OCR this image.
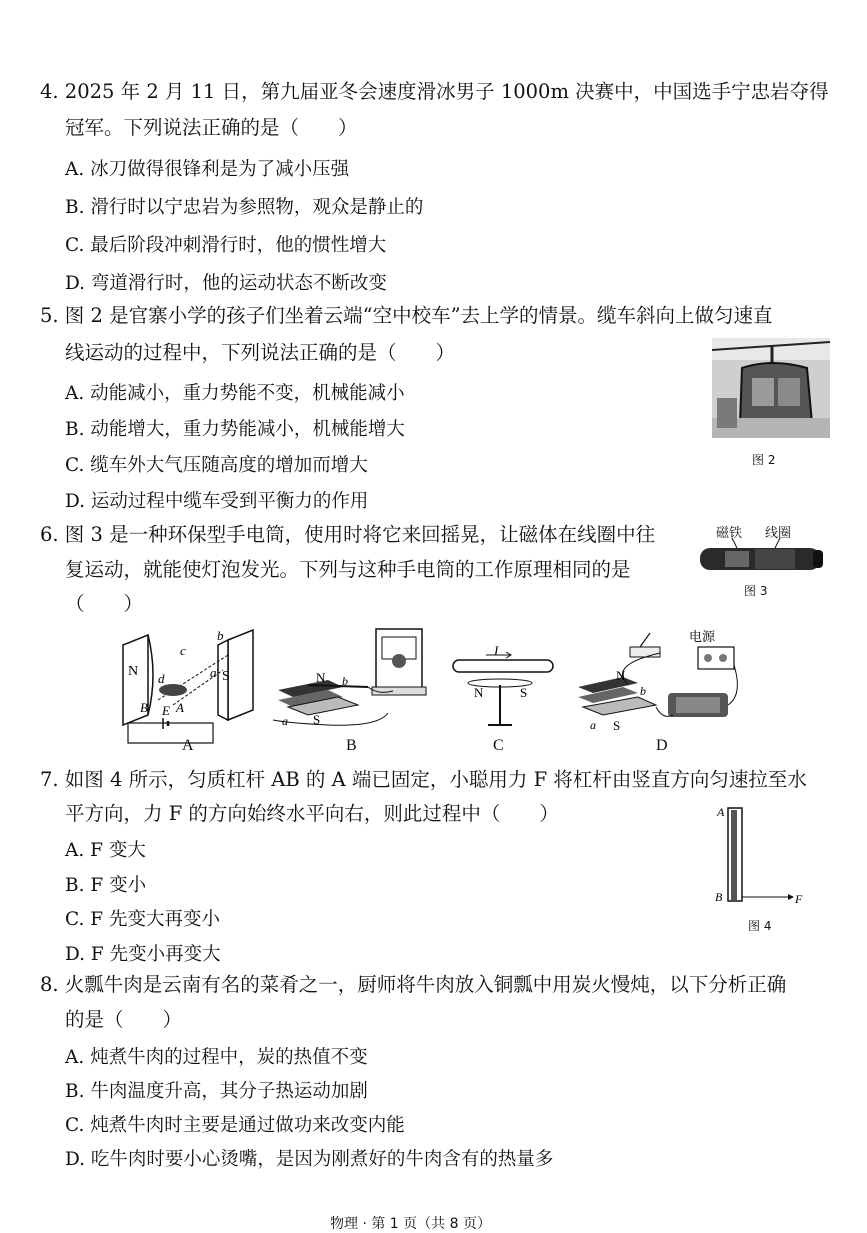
4. 2025 年 2 月 11 日，第九届亚冬会速度滑冰男子 1000m 决赛中，中国选手宁忠岩夺得
冠军。下列说法正确的是（　　）
A. 冰刀做得很锋利是为了减小压强
B. 滑行时以宁忠岩为参照物，观众是静止的
C. 最后阶段冲刺滑行时，他的惯性增大
D. 弯道滑行时，他的运动状态不断改变
5. 图 2 是官寨小学的孩子们坐着云端“空中校车”去上学的情景。缆车斜向上做匀速直
线运动的过程中，下列说法正确的是（　　）
A. 动能减小，重力势能不变，机械能减小
B. 动能增大，重力势能减小，机械能增大
C. 缆车外大气压随高度的增加而增大
D. 运动过程中缆车受到平衡力的作用
图 2
6. 图 3 是一种环保型手电筒，使用时将它来回摇晃，让磁体在线圈中往
复运动，就能使灯泡发光。下列与这种手电筒的工作原理相同的是
（　　）
磁铁 线圈
图 3
N	S
c
b
a
d
B E A
A
N b
S
a
B
I
N	S
C
电源
N
b
S
a
D
7. 如图 4 所示，匀质杠杆 AB 的 A 端已固定，小聪用力 F 将杠杆由竖直方向匀速拉至水
平方向，力 F 的方向始终水平向右，则此过程中（　　）
A. F 变大
B. F 变小
C. F 先变大再变小
D. F 先变小再变大
A
B	F
图 4
8. 火瓢牛肉是云南有名的菜肴之一，厨师将牛肉放入铜瓢中用炭火慢炖，以下分析正确
的是（　　）
A. 炖煮牛肉的过程中，炭的热值不变
B. 牛肉温度升高，其分子热运动加剧
C. 炖煮牛肉时主要是通过做功来改变内能
D. 吃牛肉时要小心烫嘴，是因为刚煮好的牛肉含有的热量多
物理 · 第 1 页（共 8 页）
